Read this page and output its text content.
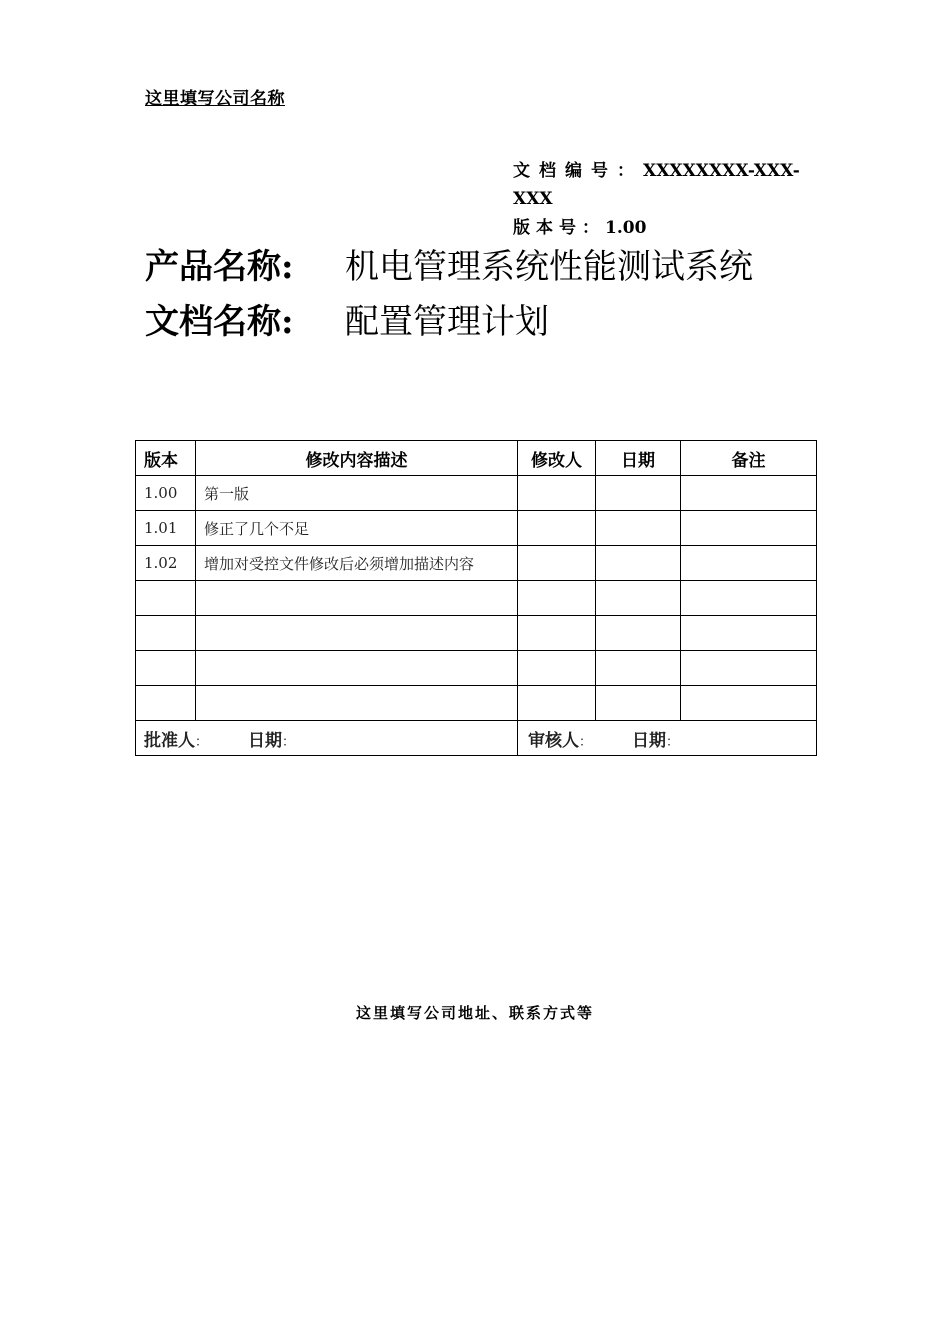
这里填写公司名称
文档编号：XXXXXXXX-XXX-XXX
版本号：1.00
产品名称: 机电管理系统性能测试系统
文档名称: 配置管理计划
版本	修改内容描述	修改人	日期	备注
1.00	第一版			
1.01	修正了几个不足			
1.02	增加对受控文件修改后必须增加描述内容			

批准人： 日期：		审核人： 日期：		
这里填写公司地址、联系方式等
